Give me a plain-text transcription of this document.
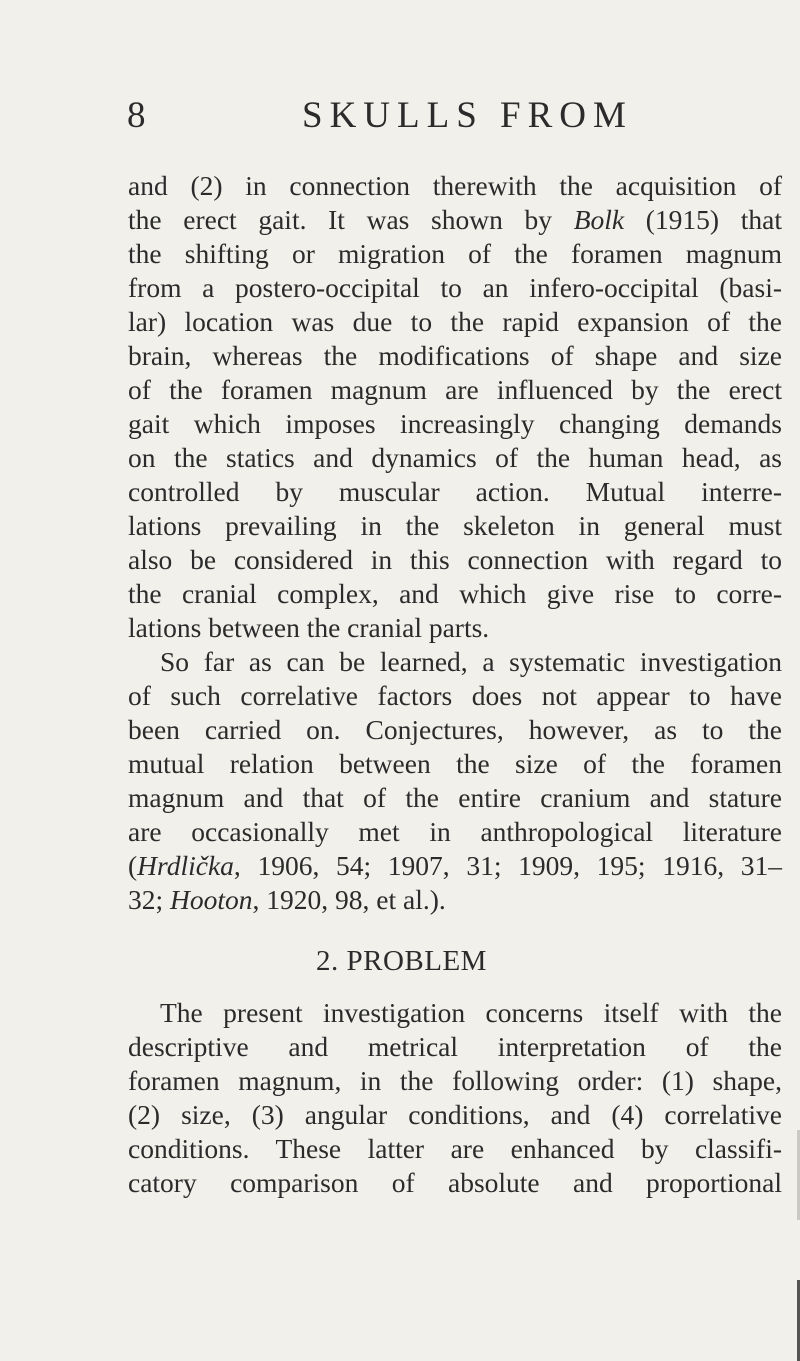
8	SKULLS FROM
and (2) in connection therewith the acquisition of
the erect gait. It was shown by Bolk (1915) that
the shifting or migration of the foramen magnum
from a postero-occipital to an infero-occipital (basi-
lar) location was due to the rapid expansion of the
brain, whereas the modifications of shape and size
of the foramen magnum are influenced by the erect
gait which imposes increasingly changing demands
on the statics and dynamics of the human head, as
controlled by muscular action. Mutual interre-
lations prevailing in the skeleton in general must
also be considered in this connection with regard to
the cranial complex, and which give rise to corre-
lations between the cranial parts.
So far as can be learned, a systematic investigation
of such correlative factors does not appear to have
been carried on. Conjectures, however, as to the
mutual relation between the size of the foramen
magnum and that of the entire cranium and stature
are occasionally met in anthropological literature
(Hrdlička, 1906, 54; 1907, 31; 1909, 195; 1916, 31–
32; Hooton, 1920, 98, et al.).
2. PROBLEM
The present investigation concerns itself with the
descriptive and metrical interpretation of the
foramen magnum, in the following order: (1) shape,
(2) size, (3) angular conditions, and (4) correlative
conditions. These latter are enhanced by classifi-
catory comparison of absolute and proportional
